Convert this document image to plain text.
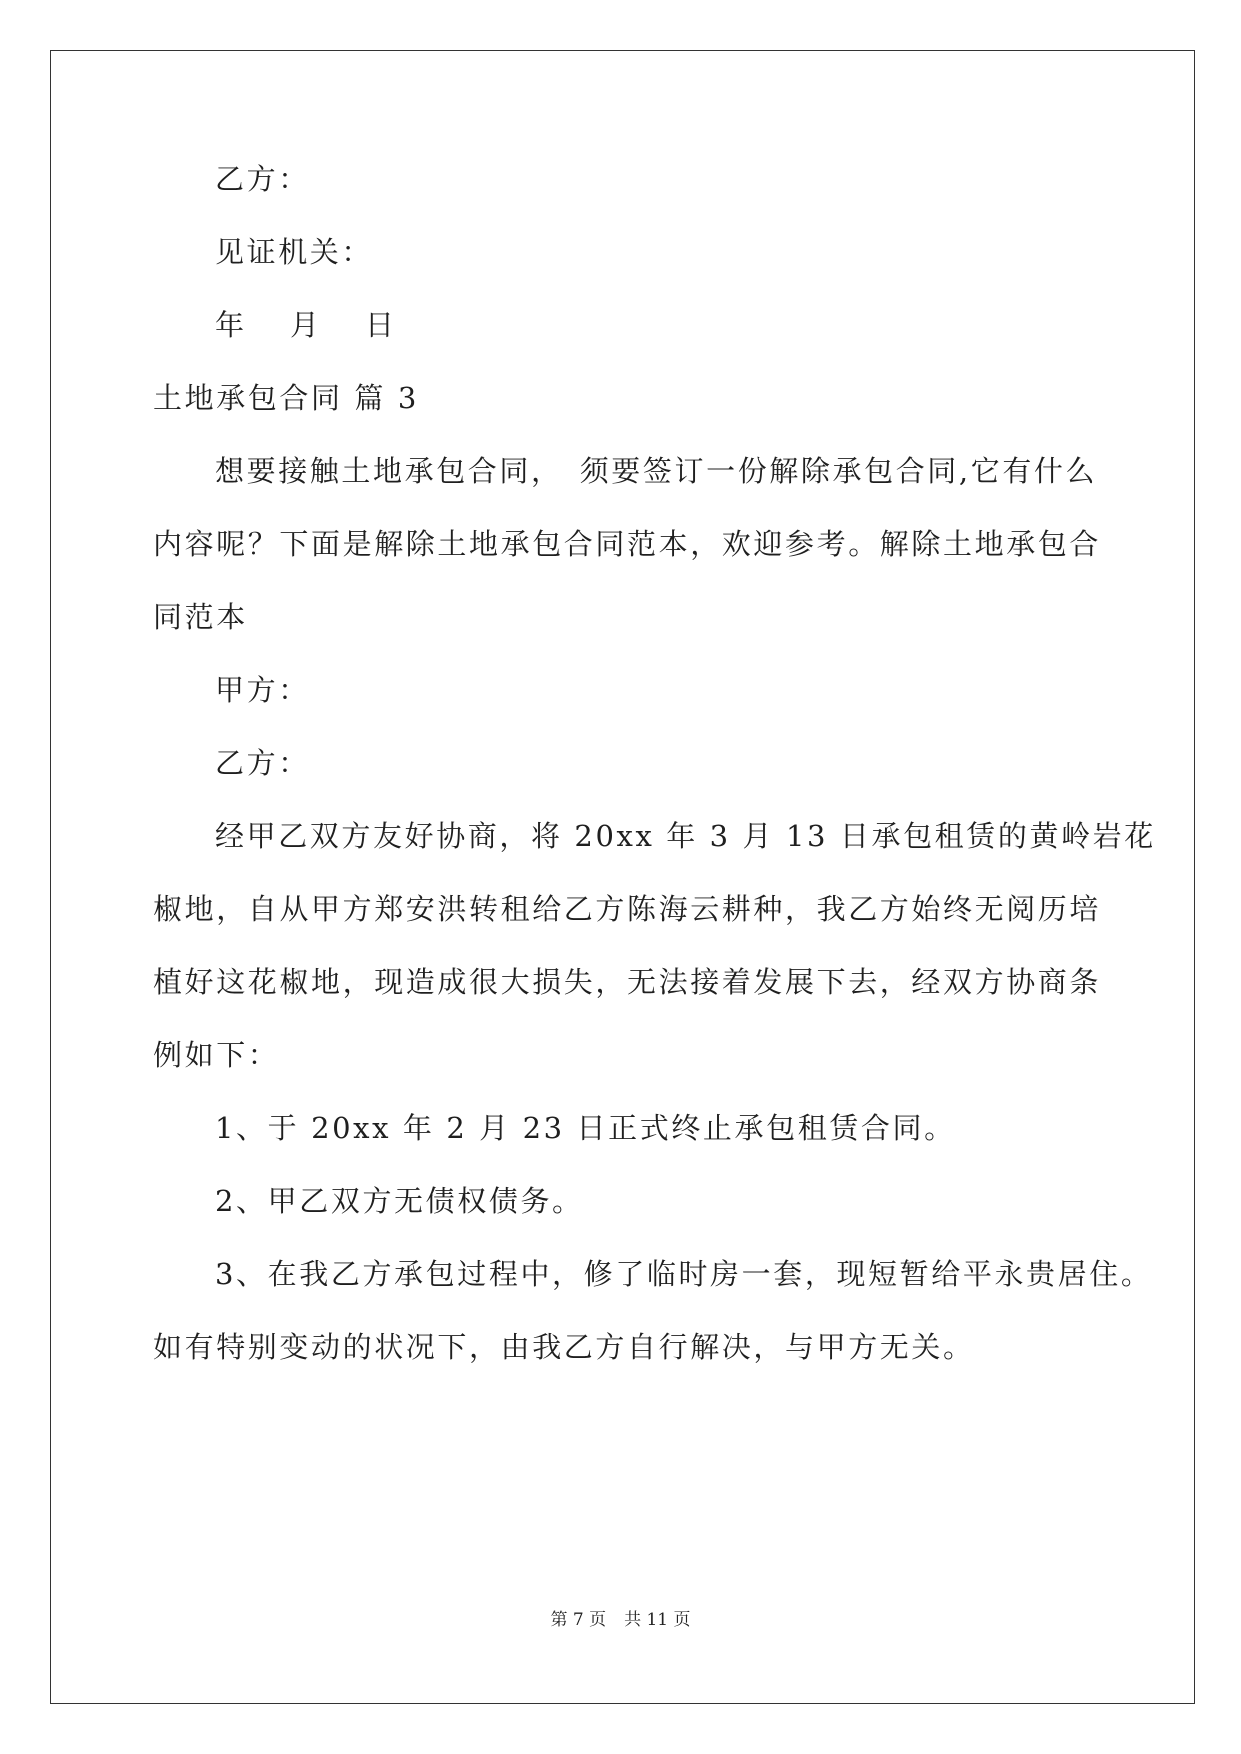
乙方：
见证机关：
年　 月　 日
土地承包合同 篇 3
想要接触土地承包合同，　须要签订一份解除承包合同,它有什么
内容呢？下面是解除土地承包合同范本，欢迎参考。解除土地承包合
同范本
甲方：
乙方：
经甲乙双方友好协商，将 20xx 年 3 月 13 日承包租赁的黄岭岩花
椒地，自从甲方郑安洪转租给乙方陈海云耕种，我乙方始终无阅历培
植好这花椒地，现造成很大损失，无法接着发展下去，经双方协商条
例如下：
1、于 20xx 年 2 月 23 日正式终止承包租赁合同。
2、甲乙双方无债权债务。
3、在我乙方承包过程中，修了临时房一套，现短暂给平永贵居住。
如有特别变动的状况下，由我乙方自行解决，与甲方无关。
第 7 页 共 11 页
